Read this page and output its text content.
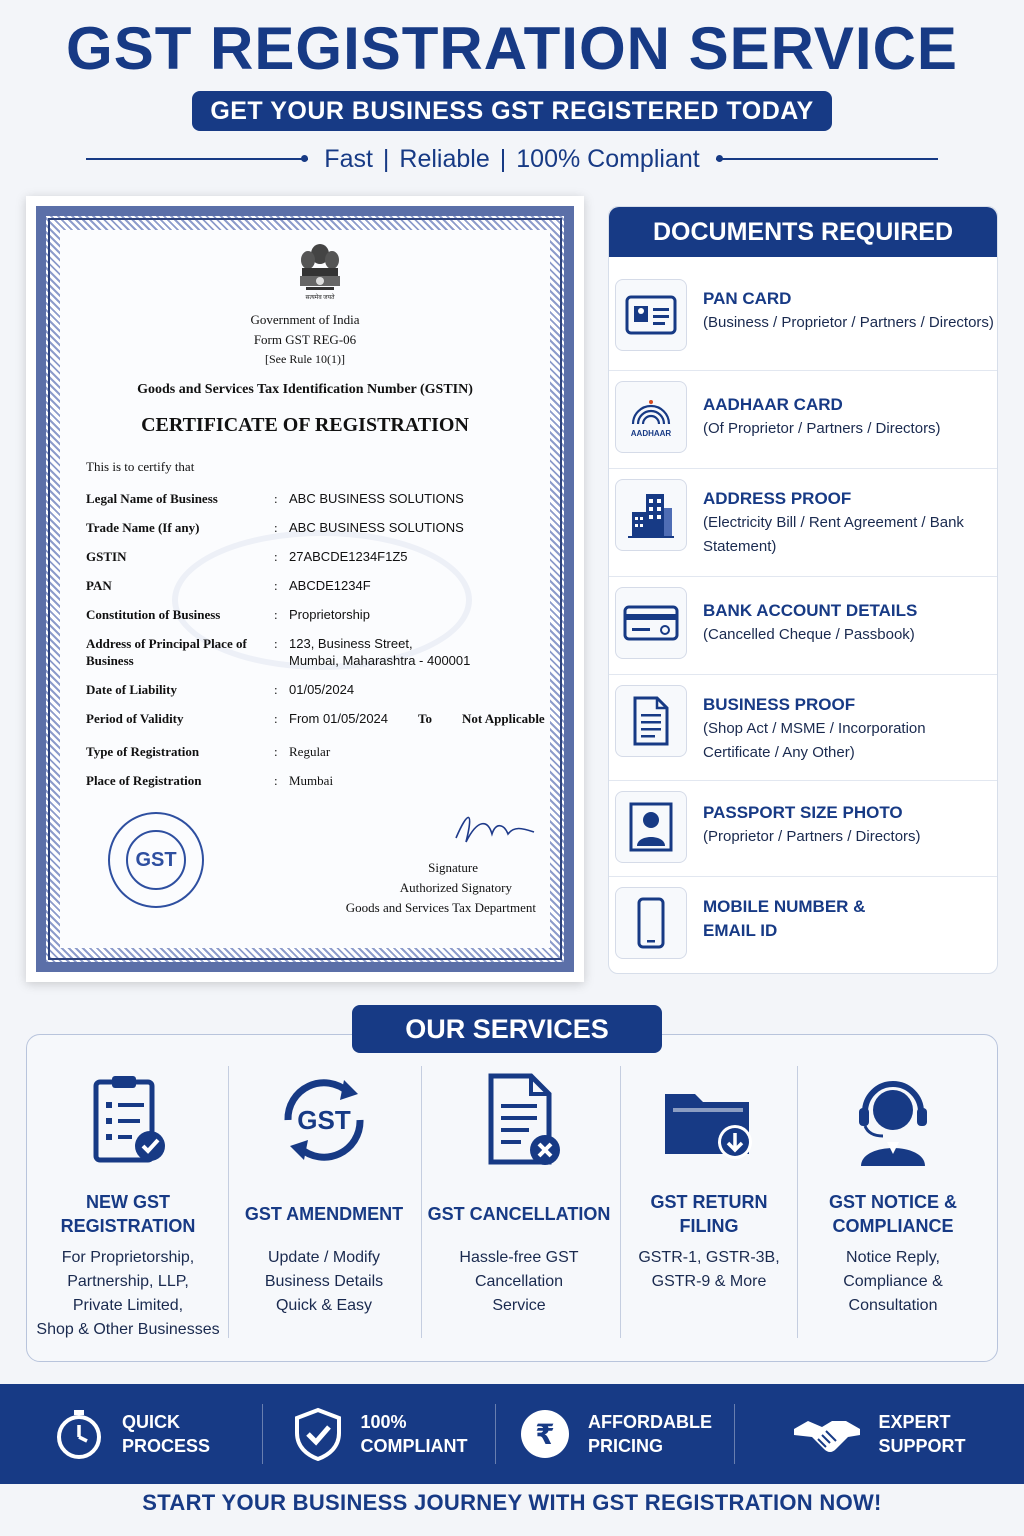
GST REGISTRATION SERVICE
GET YOUR BUSINESS GST REGISTERED TODAY
Fast | Reliable | 100% Compliant
सत्यमेव जयते
Government of India
Form GST REG-06
[See Rule 10(1)]
Goods and Services Tax Identification Number (GSTIN)
CERTIFICATE OF REGISTRATION
This is to certify that
Legal Name of Business	: ABC BUSINESS SOLUTIONS
Trade Name (If any)	: ABC BUSINESS SOLUTIONS
GSTIN	: 27ABCDE1234F1Z5
PAN	: ABCDE1234F
Constitution of Business	: Proprietorship
Address of Principal Place of Business
: 123, Business Street,
Mumbai, Maharashtra - 400001
Date of Liability	: 01/05/2024
Period of Validity	: From 01/05/2024 To Not Applicable
Type of Registration	: Regular
Place of Registration	: Mumbai
GST	Signature
Authorized Signatory
Goods and Services Tax Department
DOCUMENTS REQUIRED
PAN CARD
(Business / Proprietor / Partners / Directors)
AADHAAR
AADHAAR CARD
(Of Proprietor / Partners / Directors)
ADDRESS PROOF
(Electricity Bill / Rent Agreement / Bank Statement)
BANK ACCOUNT DETAILS
(Cancelled Cheque / Passbook)
BUSINESS PROOF
(Shop Act / MSME / Incorporation Certificate / Any Other)
PASSPORT SIZE PHOTO
(Proprietor / Partners / Directors)
MOBILE NUMBER & EMAIL ID
OUR SERVICES
NEW GST
REGISTRATION
For Proprietorship,
Partnership, LLP,
Private Limited,
Shop & Other Businesses
GST
GST AMENDMENT
Update / Modify
Business Details
Quick & Easy
GST CANCELLATION
Hassle-free GST
Cancellation
Service
GST RETURN
FILING
GSTR-1, GSTR-3B,
GSTR-9 & More
GST NOTICE &
COMPLIANCE
Notice Reply,
Compliance &
Consultation
QUICK
PROCESS
100%
COMPLIANT ₹ AFFORDABLE
PRICING
EXPERT
SUPPORT
START YOUR BUSINESS JOURNEY WITH GST REGISTRATION NOW!
